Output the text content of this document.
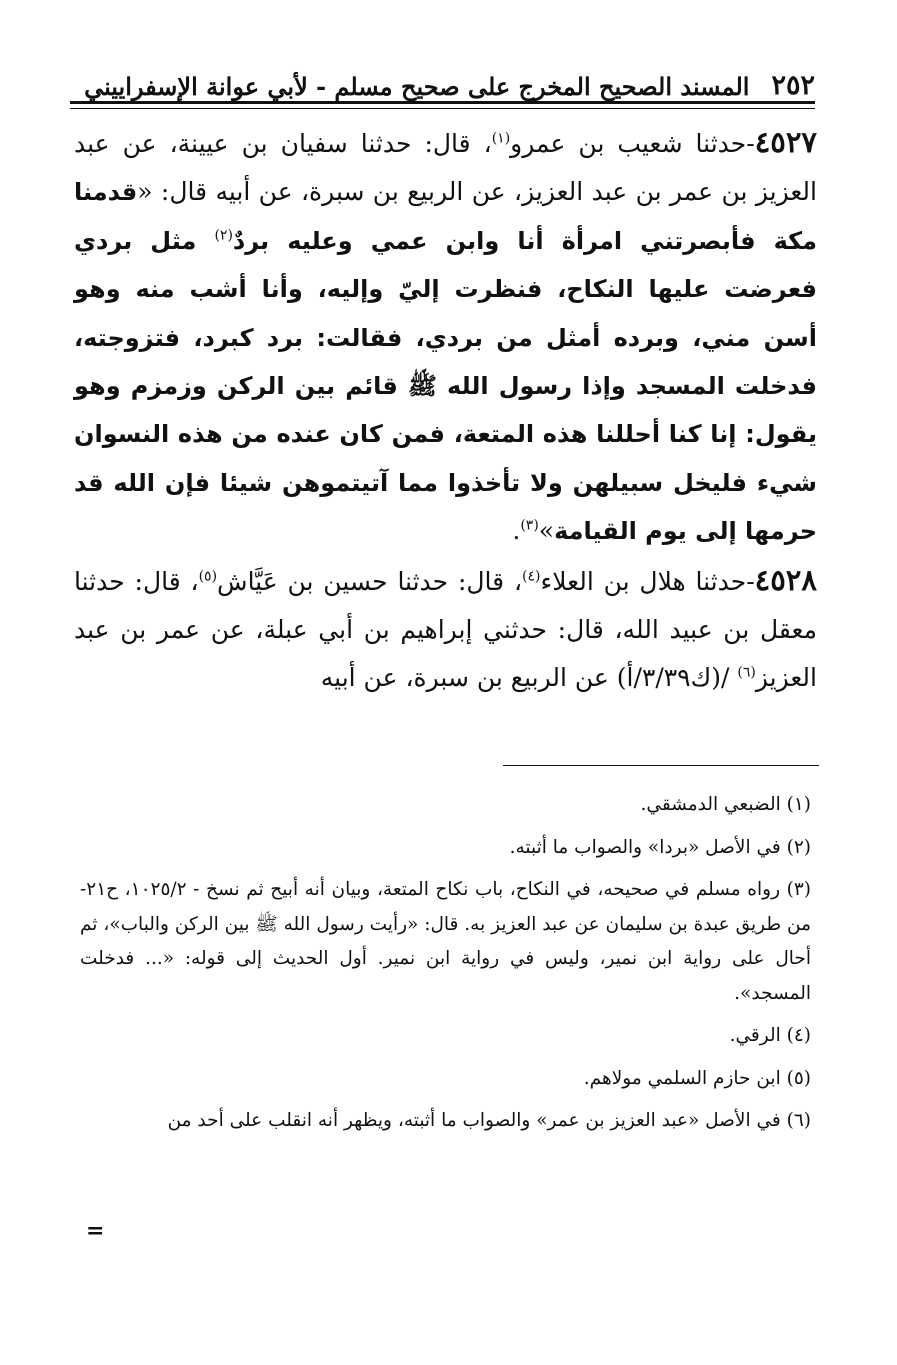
٢٥٢
المسند الصحيح المخرج على صحيح مسلم - لأبي عوانة الإسفراييني

٤٥٢٧-حدثنا شعيب بن عمرو$^{(١)}$، قال: حدثنا سفيان بن عيينة، عن عبد العزيز بن عمر بن عبد العزيز، عن الربيع بن سبرة، عن أبيه قال: «قدمنا مكة فأبصرتني امرأة أنا وابن عمي وعليه بردٌ$^{(٢)}$ مثل بردي فعرضت عليها النكاح، فنظرت إليّ وإليه، وأنا أشب منه وهو أسن مني، وبرده أمثل من بردي، فقالت: برد كبرد، فتزوجته، فدخلت المسجد وإذا رسول الله ﷺ قائم بين الركن وزمزم وهو يقول: إنا كنا أحللنا هذه المتعة، فمن كان عنده من هذه النسوان شيء فليخل سبيلهن ولا تأخذوا مما آتيتموهن شيئا فإن الله قد حرمها إلى يوم القيامة»$^{(٣)}$.

٤٥٢٨-حدثنا هلال بن العلاء$^{(٤)}$، قال: حدثنا حسين بن عَيَّاش$^{(٥)}$، قال: حدثنا معقل بن عبيد الله، قال: حدثني إبراهيم بن أبي عبلة، عن عمر بن عبد العزيز$^{(٦)}$ /(ك٣/٣٩/أ) عن الربيع بن سبرة، عن أبيه

(١) الضبعي الدمشقي.

(٢) في الأصل «بردا» والصواب ما أثبته.

(٣) رواه مسلم في صحيحه، في النكاح، باب نكاح المتعة، وبيان أنه أبيح ثم نسخ - ١٠٢٥/٢، ح٢١- من طريق عبدة بن سليمان عن عبد العزيز به. قال: «رأيت رسول الله ﷺ بين الركن والباب»، ثم أحال على رواية ابن نمير، وليس في رواية ابن نمير. أول الحديث إلى قوله: «... فدخلت المسجد».

(٤) الرقي.

(٥) ابن حازم السلمي مولاهم.

(٦) في الأصل «عبد العزيز بن عمر» والصواب ما أثبته، ويظهر أنه انقلب على أحد من

=
